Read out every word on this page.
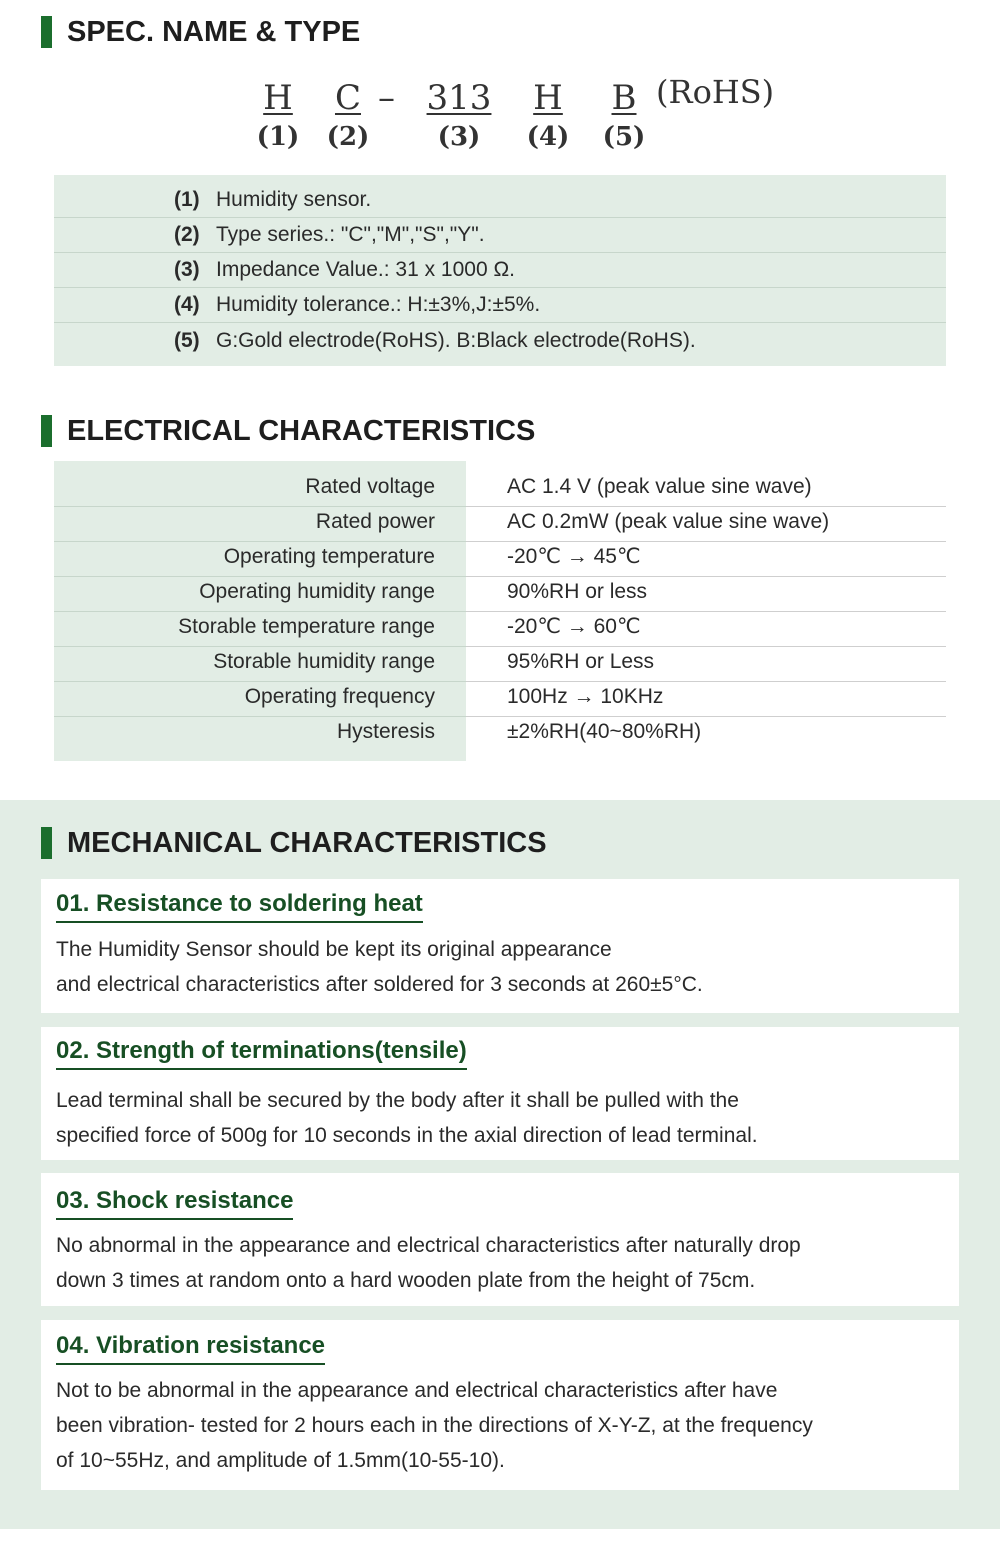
SPEC. NAME & TYPE
H
(1)
C
(2)
– 313
(3)
H
(4)
B
(5)
(RoHS)
(1) Humidity sensor.
(2) Type series.: "C","M","S","Y".
(3) Impedance Value.: 31 x 1000 Ω.
(4) Humidity tolerance.: H:±3%,J:±5%.
(5) G:Gold electrode(RoHS). B:Black electrode(RoHS).
ELECTRICAL CHARACTERISTICS
Rated voltage	AC 1.4 V (peak value sine wave)
Rated power	AC 0.2mW (peak value sine wave)
Operating temperature	-20℃ → 45℃
Operating humidity range	90%RH or less
Storable temperature range	-20℃ → 60℃
Storable humidity range	95%RH or Less
Operating frequency	100Hz → 10KHz
Hysteresis	±2%RH(40~80%RH)
MECHANICAL CHARACTERISTICS
01. Resistance to soldering heat
The Humidity Sensor should be kept its original appearance
and electrical characteristics after soldered for 3 seconds at 260±5°C.
02. Strength of terminations(tensile)
Lead terminal shall be secured by the body after it shall be pulled with the
specified force of 500g for 10 seconds in the axial direction of lead terminal.
03. Shock resistance
No abnormal in the appearance and electrical characteristics after naturally drop
down 3 times at random onto a hard wooden plate from the height of 75cm.
04. Vibration resistance
Not to be abnormal in the appearance and electrical characteristics after have
been vibration- tested for 2 hours each in the directions of X-Y-Z, at the frequency
of 10~55Hz, and amplitude of 1.5mm(10-55-10).
